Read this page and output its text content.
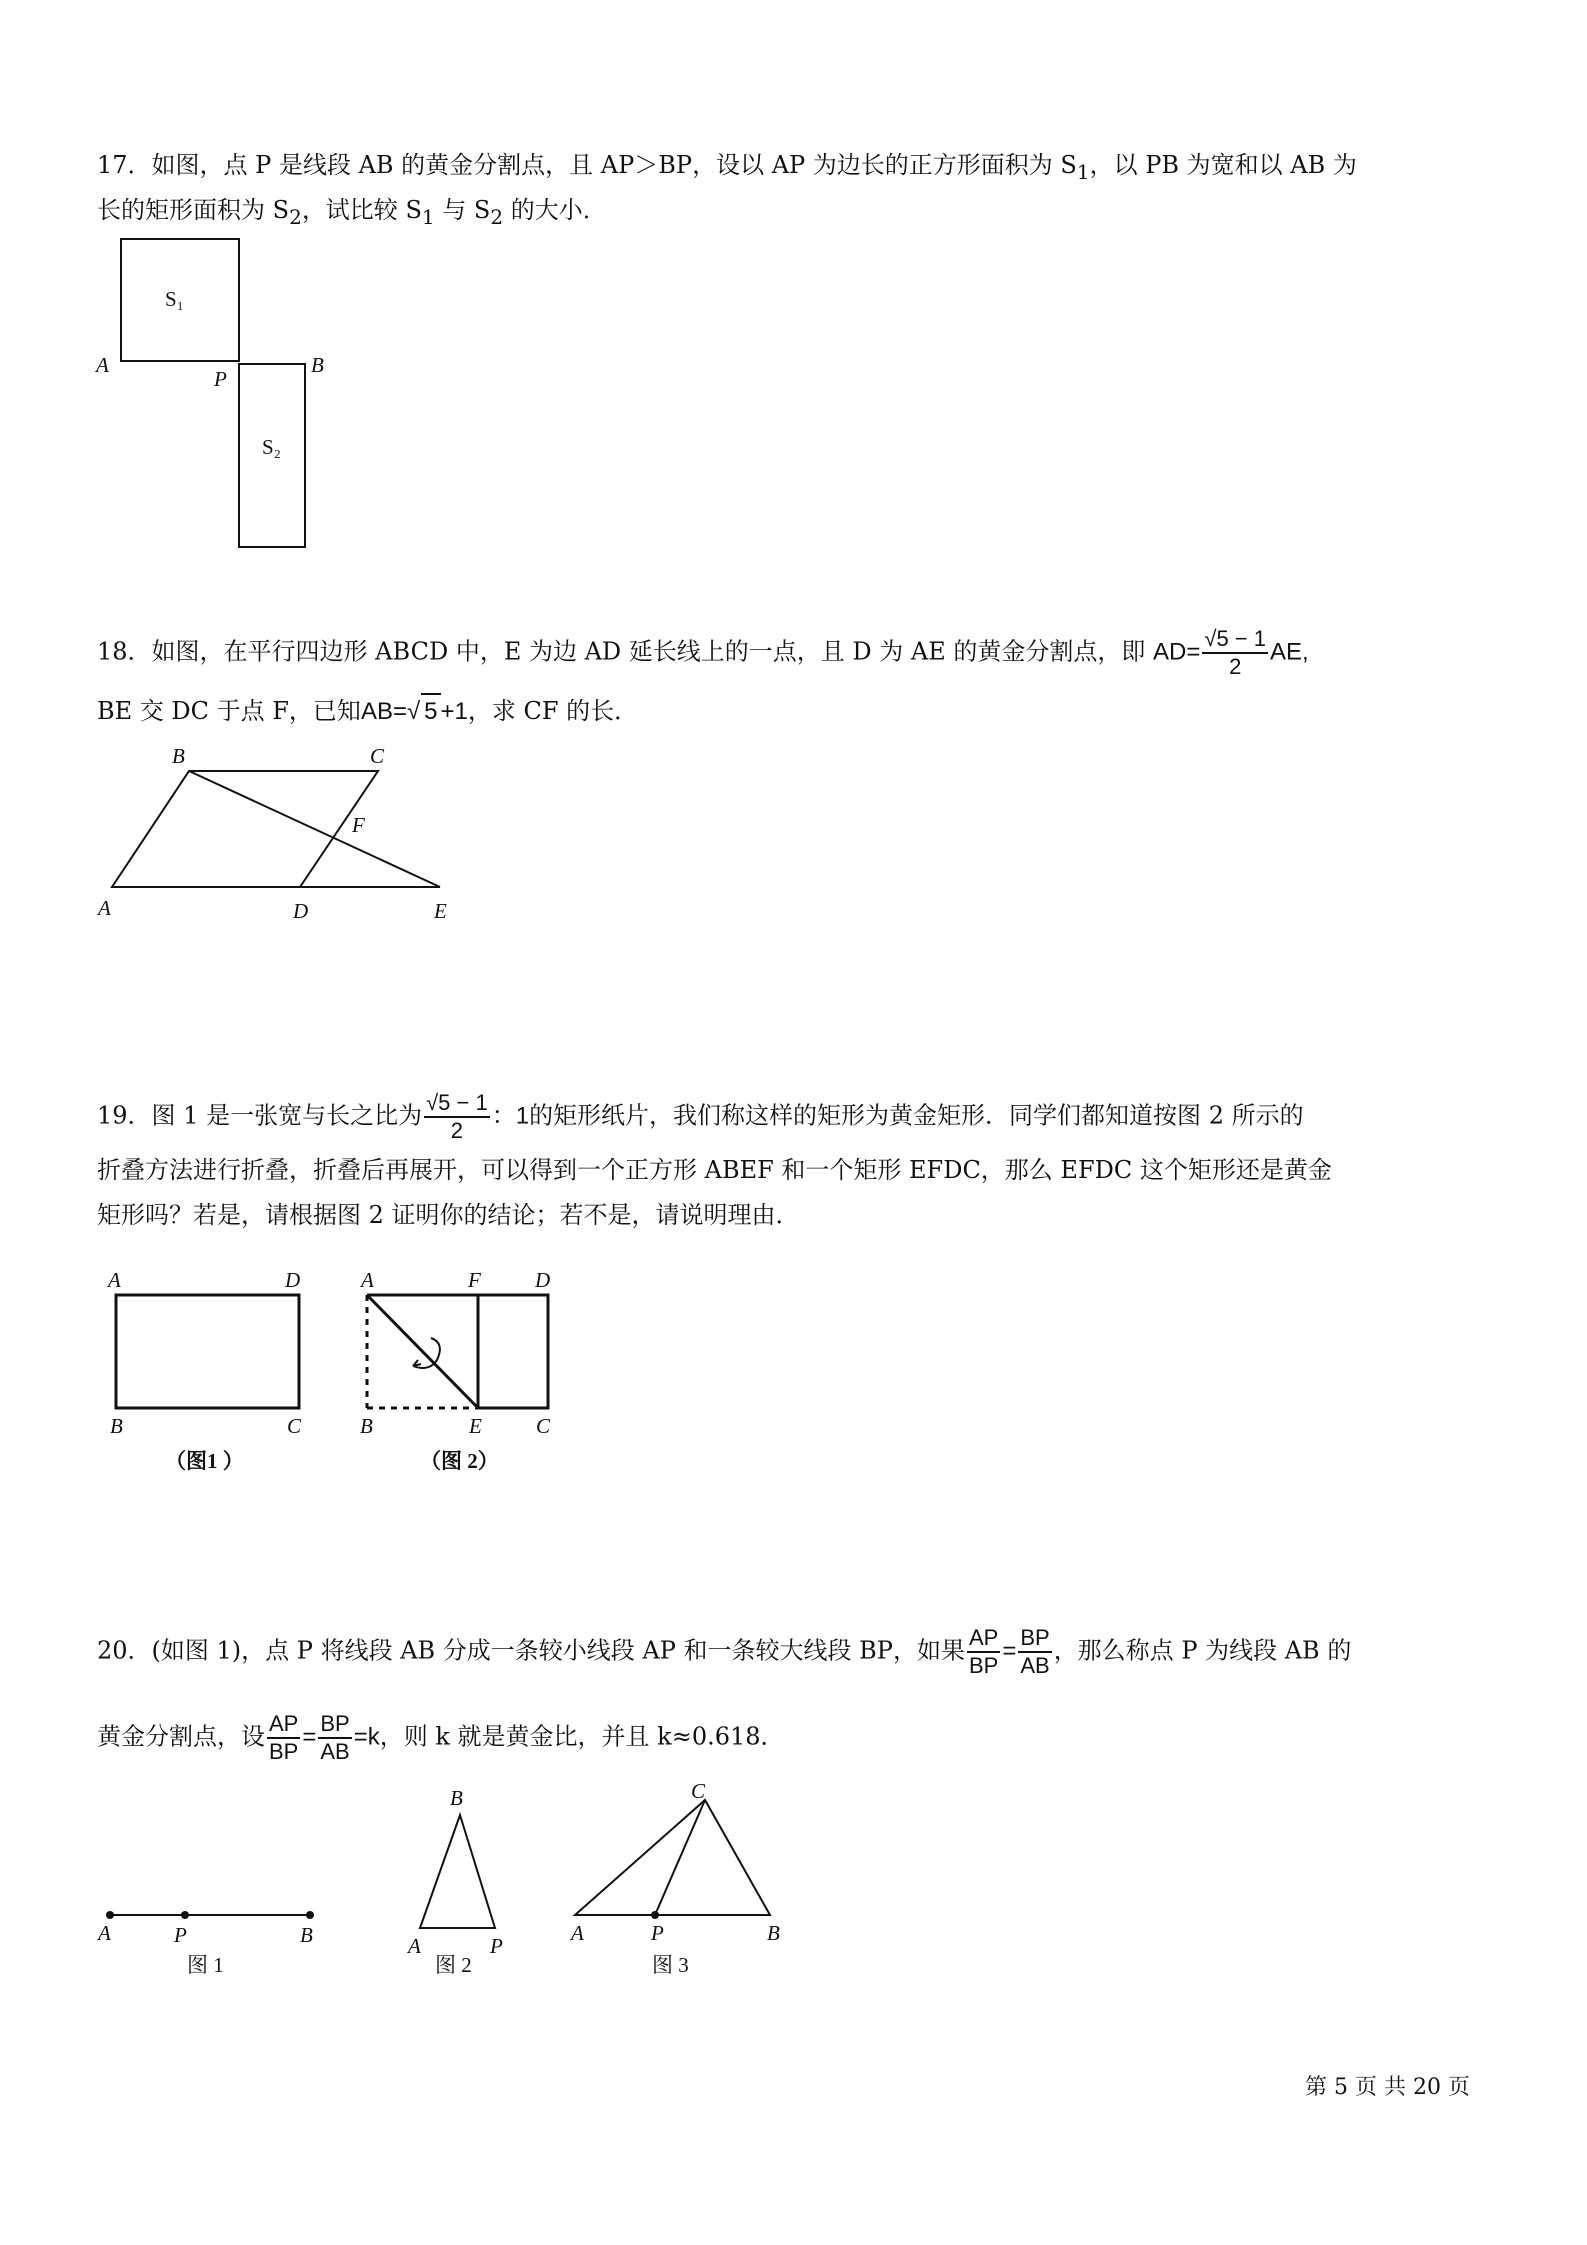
17．如图，点 P 是线段 AB 的黄金分割点，且 AP＞BP，设以 AP 为边长的正方形面积为 $S_1$，以 PB 为宽和以 AB 为
长的矩形面积为 $S_2$，试比较 $S_1$ 与 $S_2$ 的大小．
S₁
S₂
A
P
B
18．如图，在平行四边形 ABCD 中，E 为边 AD 延长线上的一点，且 D 为 AE 的黄金分割点，即 $AD= \frac{√5 - 1}{2}$ AE,
BE 交 DC 于点 F，已知AB=√ 5 +1，求 CF 的长．
A
B	C
D	E
F
19．图 1 是一张宽与长之比为 $\frac{√5 - 1}{2}$ ：1的矩形纸片，我们称这样的矩形为黄金矩形．同学们都知道按图 2 所示的
折叠方法进行折叠，折叠后再展开，可以得到一个正方形 ABEF 和一个矩形 EFDC，那么 EFDC 这个矩形还是黄金
矩形吗？若是，请根据图 2 证明你的结论；若不是，请说明理由．
A	D
B	C
（图1 ）
A	F	D
B	E	C
（图 2）
20．(如图 1)，点 P 将线段 AB 分成一条较小线段 AP 和一条较大线段 BP，如果 $\frac{AP}{BP} = \frac{BP}{AB}$ ，那么称点 P 为线段 AB 的
黄金分割点，设 $\frac{AP}{BP} = \frac{BP}{AB} =k$，则 k 就是黄金比，并且 k≈0.618．
A	P	B
图 1
B
A	P
图 2
C
A	P	B
图 3
第 5 页 共 20 页
